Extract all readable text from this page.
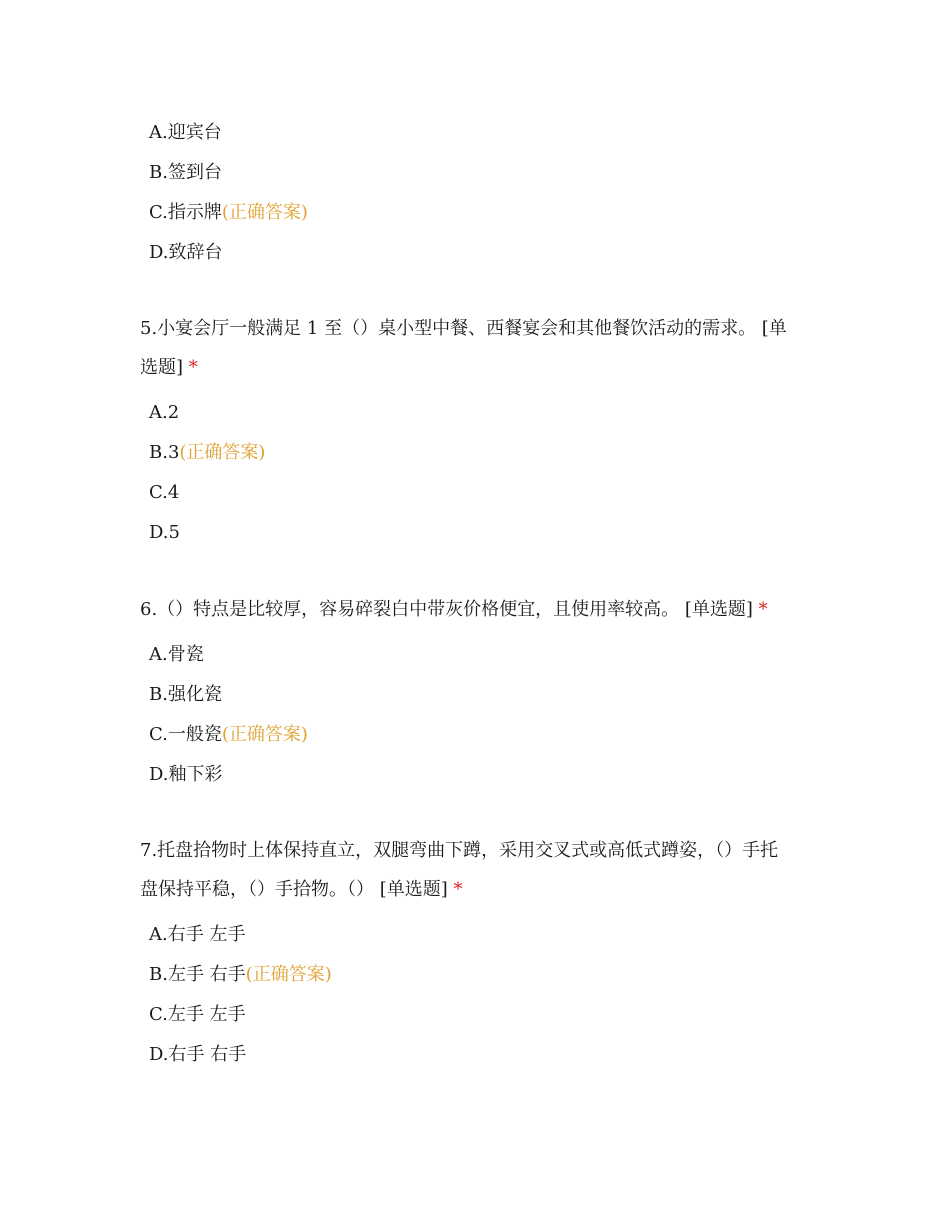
A.迎宾台
B.签到台
C.指示牌(正确答案)
D.致辞台
5.小宴会厅一般满足 1 至（）桌小型中餐、西餐宴会和其他餐饮活动的需求。 [单
选题] *
A.2
B.3(正确答案)
C.4
D.5
6.（）特点是比较厚，容易碎裂白中带灰价格便宜，且使用率较高。 [单选题] *
A.骨瓷
B.强化瓷
C.一般瓷(正确答案)
D.釉下彩
7.托盘拾物时上体保持直立，双腿弯曲下蹲，采用交叉式或高低式蹲姿，（）手托
盘保持平稳，（）手拾物。（） [单选题] *
A.右手 左手
B.左手 右手(正确答案)
C.左手 左手
D.右手 右手
